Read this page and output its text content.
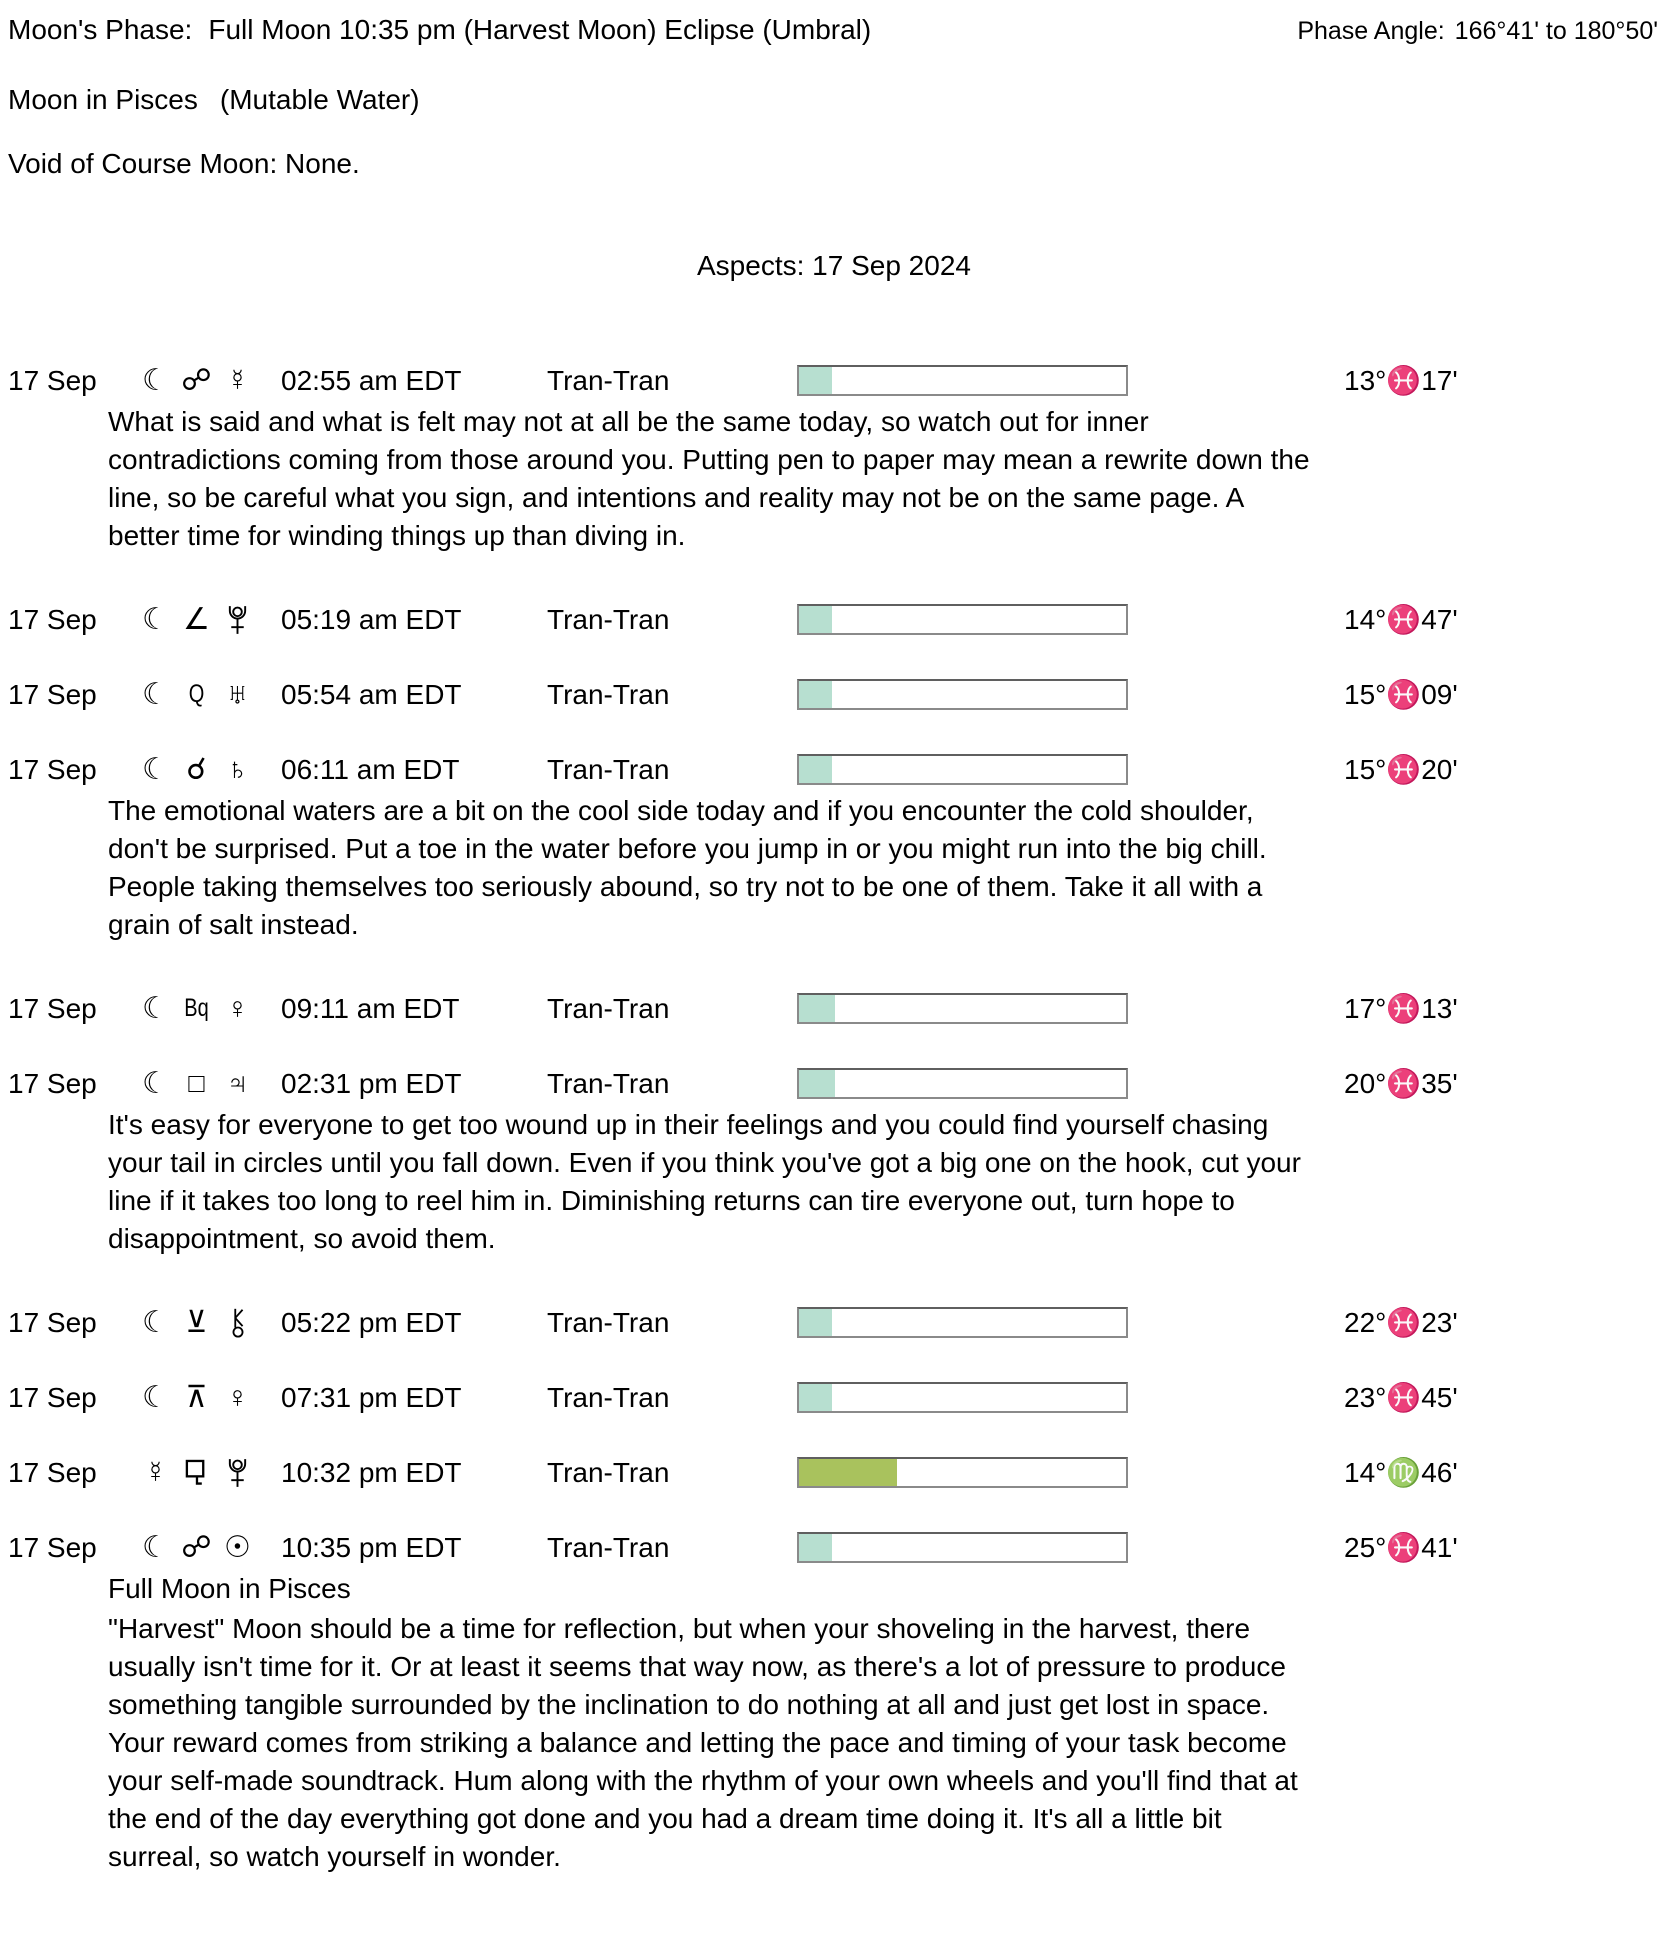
Moon's Phase: Full Moon 10:35 pm (Harvest Moon) Eclipse (Umbral)	Phase Angle: 166°41' to 180°50'
Moon in Pisces (Mutable Water)
Void of Course Moon: None.
Aspects: 17 Sep 2024
17 Sep	☾ ☍ ☿	02:55 am EDT	Tran-Tran	13°♓17'
What is said and what is felt may not at all be the same today, so watch out for inner contradictions coming from those around you. Putting pen to paper may mean a rewrite down the line, so be careful what you sign, and intentions and reality may not be on the same page. A better time for winding things up than diving in.
17 Sep	☾ ∠	05:19 am EDT	Tran-Tran	14°♓47'
17 Sep	☾ Q ♅	05:54 am EDT	Tran-Tran	15°♓09'
17 Sep	☾ ☌ ♄	06:11 am EDT	Tran-Tran	15°♓20'
The emotional waters are a bit on the cool side today and if you encounter the cold shoulder, don't be surprised. Put a toe in the water before you jump in or you might run into the big chill. People taking themselves too seriously abound, so try not to be one of them. Take it all with a grain of salt instead.
17 Sep	☾ Bq ♀	09:11 am EDT	Tran-Tran	17°♓13'
17 Sep	☾ □ ♃	02:31 pm EDT	Tran-Tran	20°♓35'
It's easy for everyone to get too wound up in their feelings and you could find yourself chasing your tail in circles until you fall down. Even if you think you've got a big one on the hook, cut your line if it takes too long to reel him in. Diminishing returns can tire everyone out, turn hope to disappointment, so avoid them.
17 Sep	☾ ⊻	05:22 pm EDT	Tran-Tran	22°♓23'
17 Sep	☾ ⊼ ♀	07:31 pm EDT	Tran-Tran	23°♓45'
17 Sep	☿	10:32 pm EDT	Tran-Tran	14°♍46'
17 Sep	☾ ☍ ☉ 10:35 pm EDT	Tran-Tran	25°♓41'
Full Moon in Pisces
"Harvest" Moon should be a time for reflection, but when your shoveling in the harvest, there usually isn't time for it. Or at least it seems that way now, as there's a lot of pressure to produce something tangible surrounded by the inclination to do nothing at all and just get lost in space. Your reward comes from striking a balance and letting the pace and timing of your task become your self-made soundtrack. Hum along with the rhythm of your own wheels and you'll find that at the end of the day everything got done and you had a dream time doing it. It's all a little bit surreal, so watch yourself in wonder.
